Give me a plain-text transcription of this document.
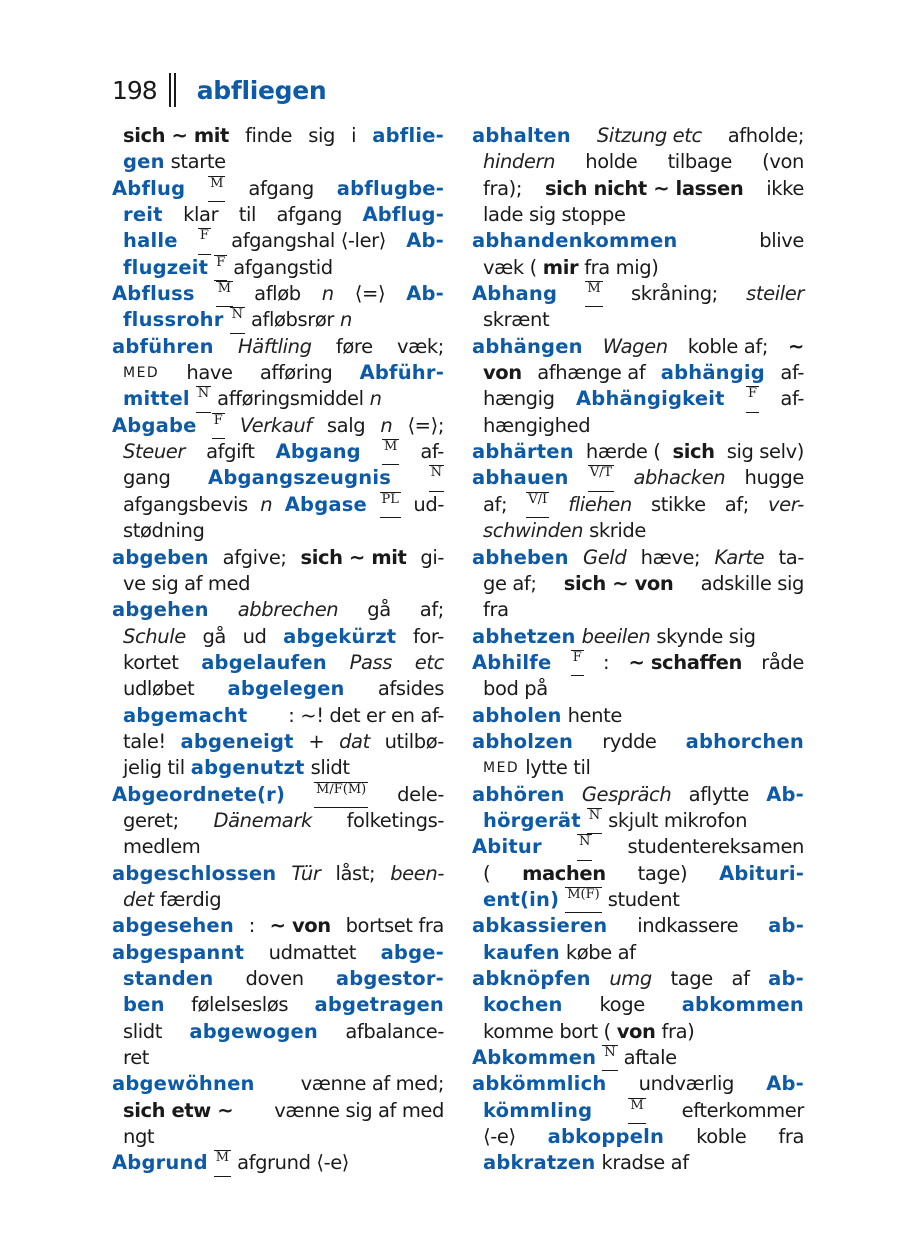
198 abfliegen
sich ~ mit finde sig i abflie-
gen starte
Abflug M afgang abflugbe-
reit klar til afgang Abflug-
halle F afgangshal ⟨-ler⟩ Ab-
flugzeit F afgangstid
Abfluss M afløb n ⟨=⟩ Ab-
flussrohr N afløbsrør n
abführen Häftling føre væk;
MED have afføring Abführ-
mittel N afføringsmiddel n
Abgabe F Verkauf salg n ⟨=⟩;
Steuer afgift Abgang M af-
gang Abgangszeugnis	N
afgangsbevis n Abgase PL ud-
stødning
abgeben afgive; sich ~ mit gi-
ve sig af med
abgehen abbrechen gå af;
Schule gå ud abgekürzt for-
kortet abgelaufen Pass etc
udløbet abgelegen afsides
abgemacht : ~! det er en af-
tale! abgeneigt + dat utilbø-
jelig til abgenutzt slidt
Abgeordnete(r) M/F(M) dele-
geret; Dänemark folketings-
medlem
abgeschlossen Tür låst; been-
det færdig
abgesehen : ~ von bortset fra
abgespannt udmattet abge-
standen doven abgestor-
ben følelsesløs abgetragen
slidt abgewogen afbalance-
ret
abgewöhnen vænne af med;
sich etw ~ vænne sig af med
ngt
Abgrund M afgrund ⟨-e⟩
abhalten Sitzung etc afholde;
hindern holde tilbage (von
fra); sich nicht ~ lassen ikke
lade sig stoppe
abhandenkommen	blive
væk ( mir fra mig)
Abhang M skråning; steiler
skrænt
abhängen Wagen koble af; ~
von afhænge af abhängig af-
hængig Abhängigkeit F af-
hængighed
abhärten hærde ( sich sig selv)
abhauen V/T abhacken hugge
af; V/I fliehen stikke af; ver-
schwinden skride
abheben Geld hæve; Karte ta-
ge af; sich ~ von adskille sig
fra
abhetzen beeilen skynde sig
Abhilfe F : ~ schaffen råde
bod på
abholen hente
abholzen rydde abhorchen
MED lytte til
abhören Gespräch aflytte Ab-
hörgerät N skjult mikrofon
Abitur	N studentereksamen
( machen tage) Abituri-
ent(in) M(F) student
abkassieren indkassere ab-
kaufen købe af
abknöpfen umg tage af ab-
kochen koge abkommen
komme bort ( von fra)
Abkommen N aftale
abkömmlich undværlig Ab-
kömmling	M efterkommer
⟨-e⟩ abkoppeln koble fra
abkratzen kradse af
